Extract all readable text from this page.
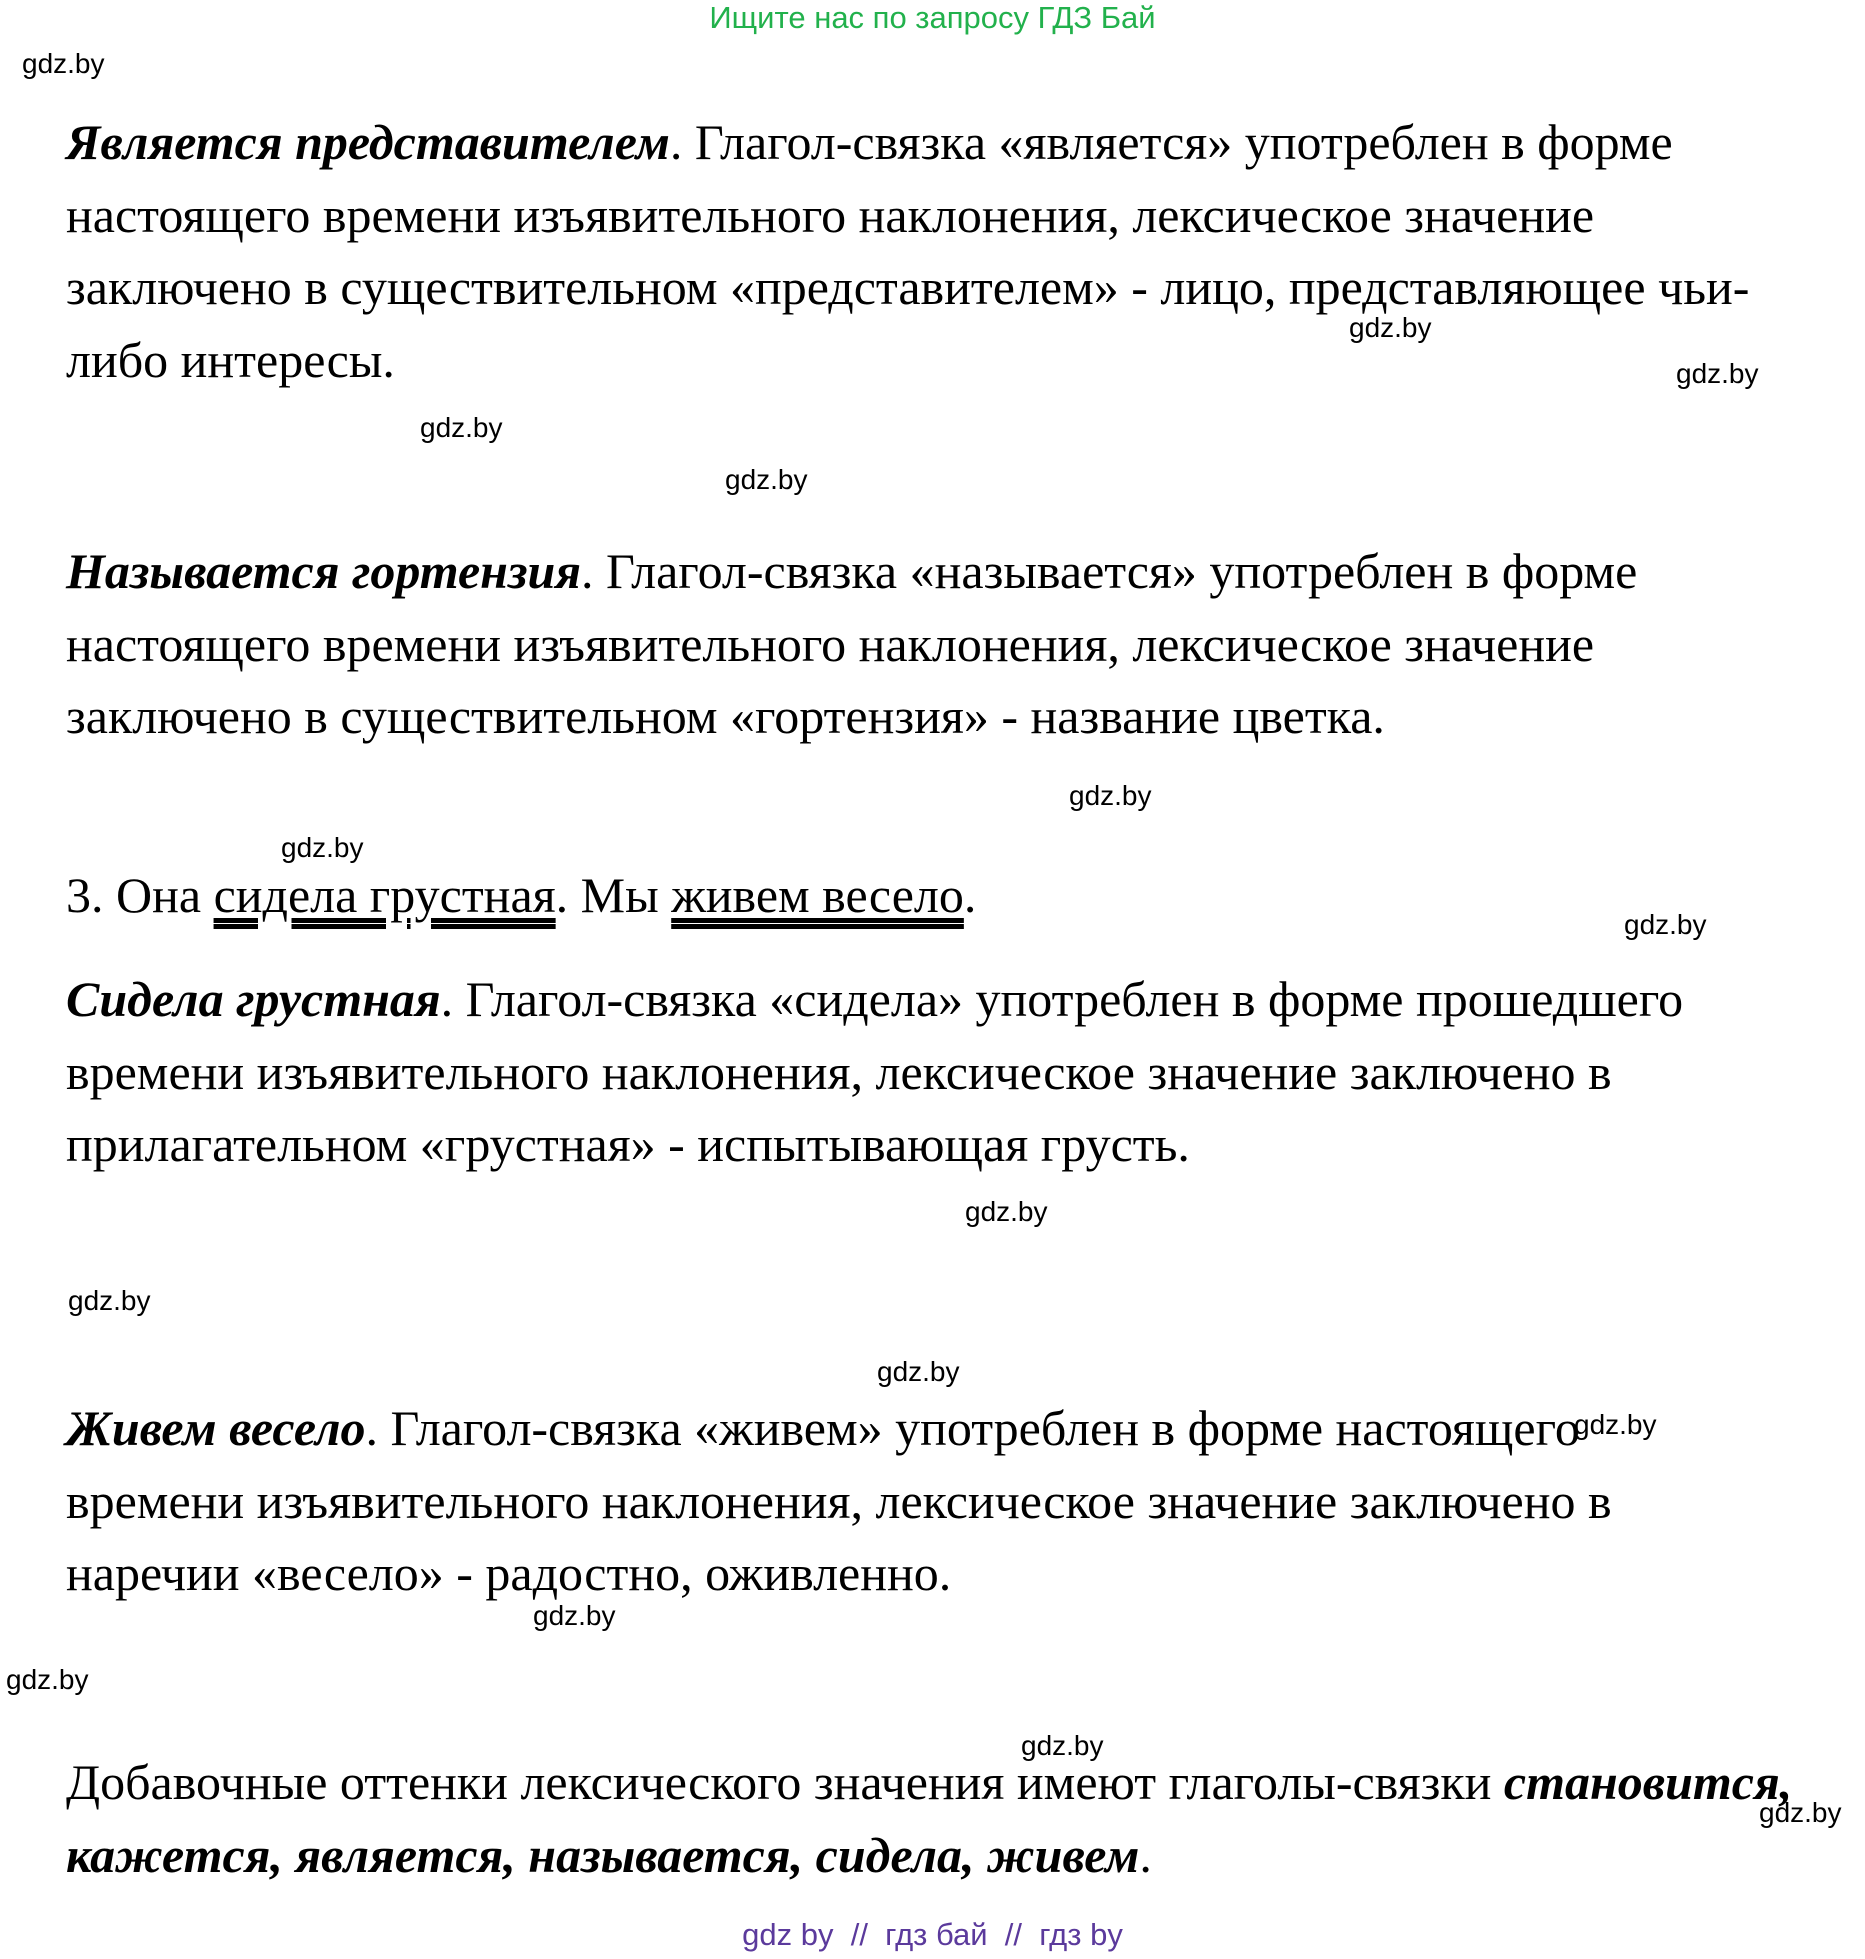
Ищите нас по запросу ГДЗ Бай
gdz.by
gdz.by
gdz.by
gdz.by
gdz.by
gdz.by
gdz.by
gdz.by
gdz.by
gdz.by
gdz.by
gdz.by
gdz.by
gdz.by
gdz.by
gdz.by

Является представителем. Глагол-связка «является» употреблен в форме настоящего времени изъявительного наклонения, лексическое значение заключено в существительном «представителем» - лицо, представляющее чьи-либо интересы.

Называется гортензия. Глагол-связка «называется» употреблен в форме настоящего времени изъявительного наклонения, лексическое значение заключено в существительном «гортензия» - название цветка.

3. Она сидела грустная. Мы живем весело.

Сидела грустная. Глагол-связка «сидела» употреблен в форме прошедшего времени изъявительного наклонения, лексическое значение заключено в прилагательном «грустная» - испытывающая грусть.

Живем весело. Глагол-связка «живем» употреблен в форме настоящего времени изъявительного наклонения, лексическое значение заключено в наречии «весело» - радостно, оживленно.

Добавочные оттенки лексического значения имеют глаголы-связки становится, кажется, является, называется, сидела, живем.

gdz by  //  гдз бай  //  гдз by
